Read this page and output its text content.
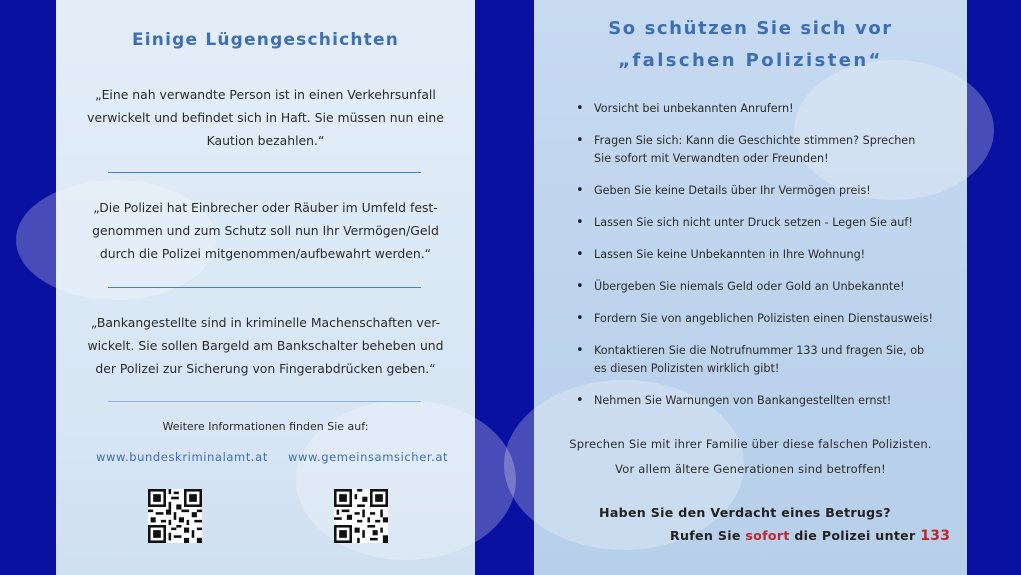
Einige Lügengeschichten
„Eine nah verwandte Person ist in einen Verkehrsunfall
verwickelt und befindet sich in Haft. Sie müssen nun eine
Kaution bezahlen.“
„Die Polizei hat Einbrecher oder Räuber im Umfeld fest-
genommen und zum Schutz soll nun Ihr Vermögen/Geld
durch die Polizei mitgenommen/aufbewahrt werden.“
„Bankangestellte sind in kriminelle Machenschaften ver-
wickelt. Sie sollen Bargeld am Bankschalter beheben und
der Polizei zur Sicherung von Fingerabdrücken geben.“
Weitere Informationen finden Sie auf:
www.bundeskriminalamt.at www.gemeinsamsicher.at
So schützen Sie sich vor
„falschen Polizisten“
• Vorsicht bei unbekannten Anrufern!
• Fragen Sie sich: Kann die Geschichte stimmen? Sprechen Sie sofort mit Verwandten oder Freunden!
• Geben Sie keine Details über Ihr Vermögen preis!
• Lassen Sie sich nicht unter Druck setzen - Legen Sie auf!
• Lassen Sie keine Unbekannten in Ihre Wohnung!
• Übergeben Sie niemals Geld oder Gold an Unbekannte!
• Fordern Sie von angeblichen Polizisten einen Dienstausweis!
• Kontaktieren Sie die Notrufnummer 133 und fragen Sie, ob es diesen Polizisten wirklich gibt!
• Nehmen Sie Warnungen von Bankangestellten ernst!
Sprechen Sie mit ihrer Familie über diese falschen Polizisten.
Vor allem ältere Generationen sind betroffen!
Haben Sie den Verdacht eines Betrugs?
Rufen Sie sofort die Polizei unter 133
